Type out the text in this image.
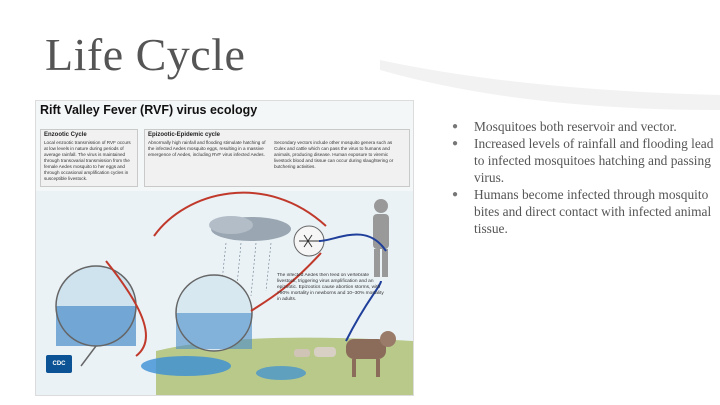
Life Cycle
Rift Valley Fever (RVF) virus ecology
Enzootic Cycle
Local enzootic transmission of RVF occurs at low levels in nature during periods of average rainfall. The virus is maintained through transovarial transmission from the female Aedes mosquito to her eggs and through occasional amplification cycles in susceptible livestock.
Epizootic-Epidemic cycle
Abnormally high rainfall and flooding stimulate hatching of the infected Aedes mosquito eggs, resulting in a massive emergence of Aedes, including RVF virus infected Aedes.
Secondary vectors include other mosquito genera such as Culex and cattle which can pass the virus to humans and animals, producing disease. Human exposure to viremic livestock blood and tissue can occur during slaughtering or butchering activities.
The infected Aedes then feed on vertebrate livestock, triggering virus amplification and an epizootic. Epizootics cause abortion storms, with >90% mortality in newborns and 10–30% mortality in adults.
CDC
● Mosquitoes both reservoir and vector.
● Increased levels of rainfall and flooding lead to infected mosquitoes hatching and passing virus.
● Humans become infected through mosquito bites and direct contact with infected animal tissue.
